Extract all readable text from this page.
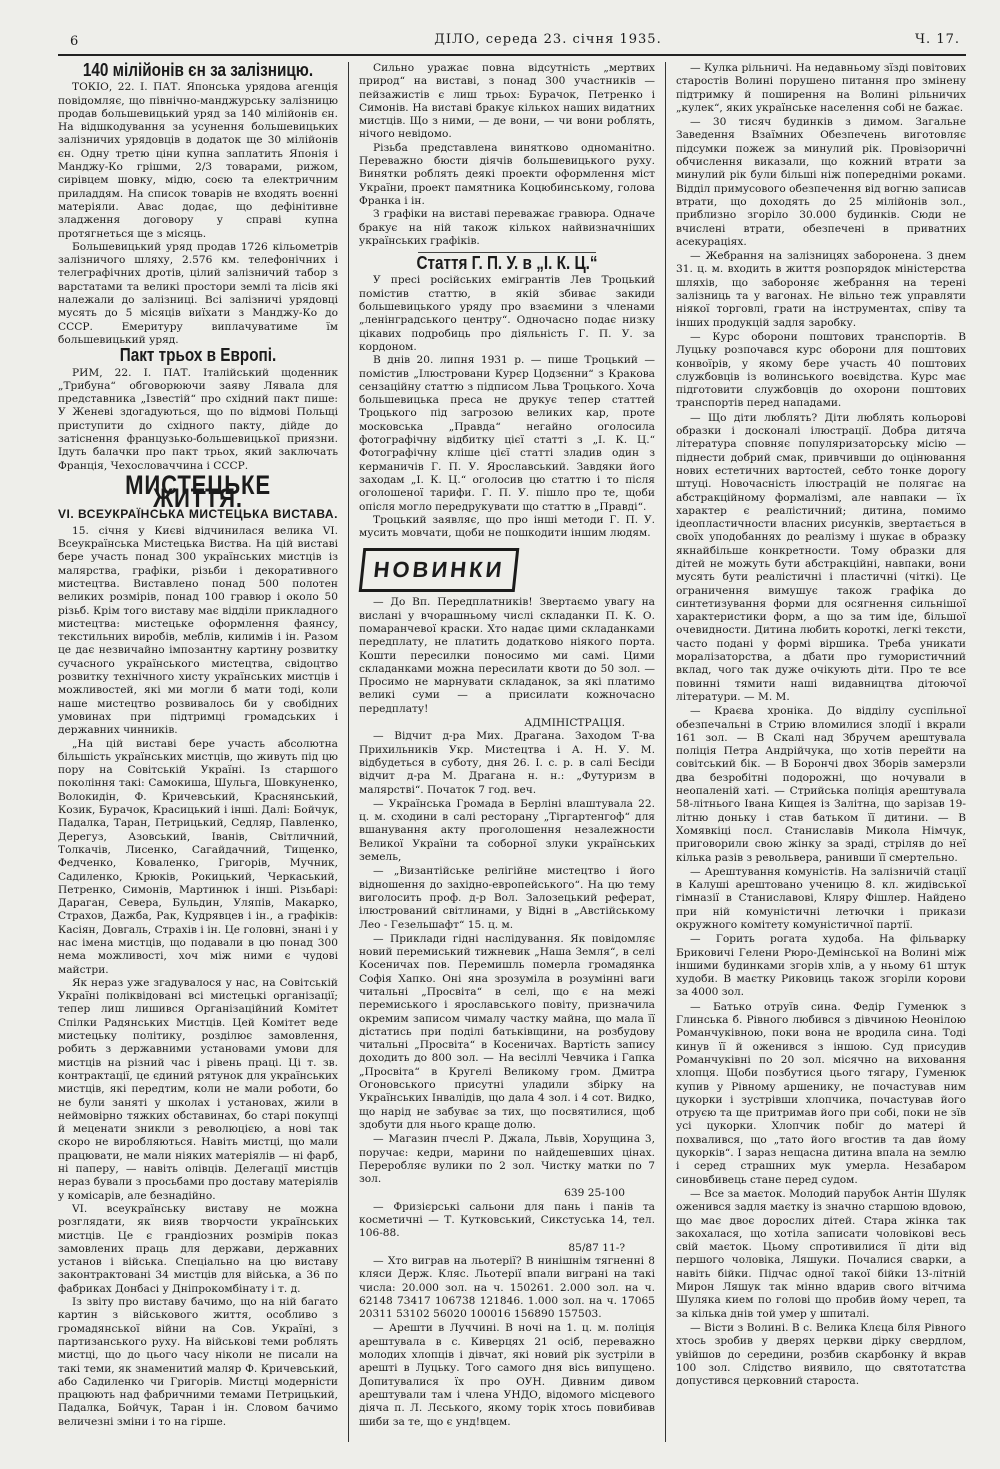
6	ДІЛО, середа 23. січня 1935.	Ч. 17.
140 мілійонів єн за залізницю.

ТОКІО, 22. І. ПАТ. Японська урядова агенція повідомляє, що північно-манджурську залізницю продав большевицький уряд за 140 мілійонів єн. На відшкодування за усунення большевицьких залізничих урядовців в додаток ще 30 мілійонів єн. Одну третю ціни купна заплатить Японія і Манджу-Ко грішми, 2/3 товарами, рижом, сирівцем шовку, мідю, соєю та електричним приладдям. На список товарів не входять воєнні матеріяли. Авас додає, що дефінітивне зладження договору у справі купна протягнеться ще з місяць.

Большевицький уряд продав 1726 кільометрів залізничого шляху, 2.576 км. телефонічних і телеграфічних дротів, цілий залізничий табор з варстатами та великі простори землі та лісів які належали до залізниці. Всі залізничі урядовці мусять до 5 місяців виїхати з Манджу-Ко до СССР. Емеритуру виплачуватиме їм большевицький уряд.

Пакт трьох в Европі.

РИМ, 22. І. ПАТ. Італійський щоденник „Трибуна“ обговорюючи заяву Лявала для представника „Ізвестій“ про східний пакт пише: У Женеві здогадуються, що по відмові Польщі приступити до східного пакту, дійде до затіснення французько-большевицької приязни. Ідуть балачки про пакт трьох, який заключать Франція, Чехословаччина і СССР.

МИСТЕЦЬКЕ ЖИТТЯ.
VI. ВСЕУКРАЇНСЬКА МИСТЕЦЬКА ВИСТАВА.

15. січня у Києві відчинилася велика VI. Всеукраїнська Мистецька Виства. На цій виставі бере участь понад 300 українських мистців із малярства, графіки, різьби і декоративного мистецтва. Виставлено понад 500 полотен великих розмірів, понад 100 гравюр і около 50 різьб. Крім того виставу має відділи прикладного мистецтва: мистецьке оформлення фаянсу, текстильних виробів, меблів, килимів і ін. Разом це дає незвичайно імпозантну картину розвитку сучасного українського мистецтва, свідоцтво розвитку технічного хисту українських мистців і можливостей, які ми могли б мати тоді, коли наше мистецтво розвивалось би у свобідних умовинах при підтримці громадських і державних чинників.

„На цій виставі бере участь абсолютна більшість українських мистців, що живуть під цю пору на Совітській Україні. Із старшого покоління такі: Самокиша, Шульга, Шовкуненко, Волокидін, Ф. Кричевський, Краснянський, Козик, Бурачок, Красицький і інші. Далі: Бойчук, Падалка, Таран, Петрицький, Седляр, Павленко, Дерегуз, Азовський, Іванів, Світличний, Толкачів, Лисенко, Сагайдачний, Тищенко, Федченко, Коваленко, Григорів, Мучник, Садиленко, Крюків, Рокицький, Черкаський, Петренко, Симонів, Мартинюк і інші. Різьбарі: Дараган, Севера, Бульдин, Уляпів, Макарко, Страхов, Дажба, Рак, Кудрявцев і ін., а графіків: Касіян, Довгаль, Страхів і ін. Це головні, знані і у нас імена мистців, що подавали в цю понад 300 нема можливості, хоч між ними є чудові майстри.

Як нераз уже згадувалося у нас, на Совітській Україні поліквідовані всі мистецькі організації; тепер лиш лишився Організаційний Комітет Спілки Радянських Мистців. Цей Комітет веде мистецьку політику, розділює замовлення, робить з державними установами умови для мистців на різний час і рівень праці. Ці т. зв. контрактації, це єдиний рятунок для українських мистців, які передтим, коли не мали роботи, бо не були заняті у школах і установах, жили в неймовірно тяжких обставинах, бо старі покупці й меценати зникли з революцією, а нові так скоро не виробляються. Навіть мистці, що мали працювати, не мали ніяких матеріялів — ні фарб, ні паперу, — навіть олівців. Делегації мистців нераз бували з просьбами про доставу матеріялів у комісарів, але безнадійно.

VI. всеукраїнську виставу не можна розглядати, як вияв творчости українських мистців. Це є грандіозних розмірів показ замовлених праць для держави, державних установ і війська. Спеціально на цю виставу законтрактовані 34 мистців для війська, а 36 по фабриках Донбасі у Дніпрокомбінату і т. д.

Із звіту про виставу бачимо, що на ній багато картин з військового життя, особливо з громадянської війни на Сов. Україні, з партизанського руху. На військові теми роблять мистці, що до цього часу ніколи не писали на такі теми, як знаменитий маляр Ф. Кричевський, або Садиленко чи Григорів. Мистці модерністи працюють над фабричними темами Петрицький, Падалка, Бойчук, Таран і ін. Словом бачимо величезні зміни і то на гірше.

Сильно уражає повна відсутність „мертвих природ“ на виставі, з понад 300 участників — пейзажистів є лиш трьох: Бурачок, Петренко і Симонів. На виставі бракує кількох наших видатних мистців. Що з ними, — де вони, — чи вони роблять, нічого невідомо.

Різьба представлена винятково одноманітно. Переважно бюсти діячів большевицького руху. Винятки роблять деякі проекти оформлення міст України, проект памятника Коцюбинському, голова Франка і ін.

З графіки на виставі переважає гравюра. Одначе бракує на ній також кількох найвизначніших українських графіків.

Стаття Г. П. У. в „І. К. Ц.“

У пресі російських емігрантів Лев Троцький помістив статтю, в якій збиває закиди большевицького уряду про взаємини з членами „ленінградського центру“. Одночасно подає низку цікавих подробиць про діяльність Г. П. У. за кордоном.

В днів 20. липня 1931 р. — пише Троцький — помістив „Ілюстровани Курєр Цодзєнни“ з Кракова сензаційну статтю з підписом Льва Троцького. Хоча большевицька преса не друкує тепер статтей Троцького під загрозою великих кар, проте московська „Правда“ негайно оголосила фотографічну відбитку цієї статті з „І. К. Ц.“ Фотографічну кліше цієї статті зладив один з керманичів Г. П. У. Ярославський. Завдяки його заходам „І. К. Ц.“ оголосив цю статтю і то після оголошеної тарифи. Г. П. У. пішло про те, щоби опісля могло передрукувати що статтю в „Правді“.

Троцький заявляє, що про інші методи Г. П. У. мусить мовчати, щоби не пошкодити іншим людям.

НОВИНКИ

— До Вп. Передплатників! Звертаємо увагу на вислані у вчорашньому числі складанки П. К. О. помаранчевої краски. Хто надає цими складанками передплату, не платить додатково ніякого порта. Кошти пересилки поносимо ми самі. Цими складанками можна пересилати квоти до 50 зол. — Просимо не марнувати складанок, за які платимо великі суми — а присилати кожночасно передплату!

АДМІНІСТРАЦІЯ.

— Відчит д-ра Мих. Драгана. Заходом Т-ва Прихильників Укр. Мистецтва і А. Н. У. М. відбудеться в суботу, дня 26. І. с. р. в салі Бесіди відчит д-ра М. Драгана н. н.: „Футуризм в малярстві“. Початок 7 год. веч.

— Українська Громада в Берліні влаштувала 22. ц. м. сходини в салі ресторану „Тіргартенгоф“ для вшанування акту проголошення незалежности Великої України та соборної злуки українських земель,

— „Византійське релігійне мистецтво і його відношення до західно-европейського“. На цю тему виголосить проф. д-р Вол. Залозецький реферат, ілюстрований світлинами, у Відні в „Австійському Лео - Гезельшафт“ 15. ц. м.

— Приклади гідні наслідування. Як повідомляє новий перемиський тижневик „Наша Земля“, в селі Косеничах пов. Перемишль померла громадянка Софія Хапко. Оні яна зрозуміла в розумінні ваги читальні „Просвіта“ в селі, що є на межі перемиського і ярославського повіту, призначила окремим записом чималу частку майна, що мала її дістатись при поділі батьківщини, на розбудову читальні „Просвіта“ в Косеничах. Вартість запису доходить до 800 зол. — На весіллі Чевчика і Гапка „Просвіта“ в Кругелі Великому гром. Дмитра Огоновського присутні уладили збірку на Українських Інвалідів, що дала 4 зол. і 4 сот. Видко, що нарід не забуває за тих, що посвятилися, щоб здобути для нього краще долю.

— Магазин пчеслі Р. Джала, Львів, Хорущина 3, поручає: кедри, марини по найдешевших цінах. Переробляє вулики по 2 зол. Чистку матки по 7 зол.

639 25-100

— Фризієрські сальони для пань і панів та косметичні — Т. Кутковський, Сикстуська 14, тел. 106-88.

85/87 11-?

— Хто виграв на льотерії? В нинішнім тягненні 8 кляси Держ. Кляс. Льотерії впали виграні на такі числа: 20.000 зол. на ч. 150261. 2.000 зол. на ч. 62148 73417 106738 121846. 1.000 зол. на ч. 17065 20311 53102 56020 100016 156890 157503.

— Арешти в Луччині. В ночі на 1. ц. м. поліція арештувала в с. Киверцях 21 осіб, переважно молодих хлопців і дівчат, які новий рік зустріли в арешті в Луцьку. Того самого дня вісь випущено. Допитувалися їх про ОУН. Дивним дивом арештували там і члена УНДО, відомого місцевого діяча п. Л. Лєського, якому торік хтось повибивав шиби за те, що є унд!вцем.

— Кулка рільничі. На недавньому зїзді повітових старостів Волині порушено питання про змінену підтримку й поширення на Волині рільничих „кулек“, яких українське населення собі не бажає.

— 30 тисяч будинків з димом. Загальне Заведення Взаїмних Обезпечень виготовляє підсумки пожеж за минулий рік. Провізоричні обчислення виказали, що кожний втрати за минулий рік були більші ніж попередніми роками. Відділ примусового обезпечення від вогню записав втрати, що доходять до 25 мілійонів зол., приблизно згоріло 30.000 будинків. Сюди не вчислені втрати, обезпечені в приватних асекураціях.

— Жебрання на залізницях заборонена. З днем 31. ц. м. входить в життя розпорядок міністерства шляхів, що забороняє жебрання на терені залізниць та у вагонах. Не вільно теж управляти ніякої торговлі, грати на інструментах, співу та інших продукцій задля заробку.

— Курс оборони поштових транспортів. В Луцьку розпочався курс оборони для поштових конвоїрів, у якому бере участь 40 поштових службовців із волинського воєвідства. Курс має підготовити службовців до охорони поштових транспортів перед нападами.

— Що діти люблять? Діти люблять кольорові образки і досконалі ілюстрації. Добра дитяча література сповняє популяризаторську місію — піднести добрий смак, привчивши до оцінювання нових естетичних вартостей, себто тонке дорогу штуці. Новочасність ілюстрацій не полягає на абстракційному формалізмі, але навпаки — їх характер є реалістичний; дитина, помимо ідеопластичности власних рисунків, звертається в своїх уподобаннях до реалізму і шукає в образку якнайбільше конкретности. Тому образки для дітей не можуть бути абстракційні, навпаки, вони мусять бути реалістичні і пластичні (чіткі). Це ограничення вимушує також графіка до синтетизування форми для осягнення сильнішої характеристики форм, а що за тим іде, більшої очевидности. Дитина любить короткі, легкі тексти, часто подані у формі віршика. Треба уникати моралізаторства, а дбати про гумористичний вклад, чого так дуже очікують діти. Про те все повинні тямити наші видавництва дітоючої літератури. — М. М.

— Краєва хроніка. До відділу суспільної обезпечальні в Стрию вломилися злодії і вкрали 161 зол. — В Скалі над Збручем арештувала поліція Петра Андрійчука, що хотів перейти на совітський бік. — В Борончі двох Зборів замерзли два безробітні подорожні, що ночували в неопаленій хаті. — Стрийська поліція арештувала 58-літнього Івана Кищея із Залітна, що зарізав 19-літню доньку і став батьком її дитини. — В Хомявкіці посл. Станиславів Микола Німчук, приговорили свою жінку за зраді, стріляв до неї кілька разів з револьвера, ранивши її смертельно.

— Арештування комуністів. На залізничій стації в Калуші арештовано ученицю 8. кл. жидівської гімназії в Станиславові, Кляру Фішлер. Найдено при ній комуністичні летючки і прикази окружного комітету комуністичної партії.

— Горить рогата худоба. На фільварку Бриковичі Гелени Рюро-Демінської на Волині між іншими будинками згорів хлів, а у ньому 61 штук худоби. В маєтку Риковиць також згоріли корови за 4000 зол.

— Батько отруїв сина. Федір Гуменюк з Глинська б. Рівного любився з дівчиною Неонілою Романчуківною, поки вона не вродила сина. Тоді кинув її й оженився з іншою. Суд присудив Романчуківні по 20 зол. місячно на виховання хлопця. Щоби позбутися цього тягару, Гуменюк купив у Рівному аршенику, не почастував ним цукорки і зустрівши хлопчика, почастував його отруєю та ще притримав його при собі, поки не зїв усі цукорки. Хлопчик побіг до матері й похвалився, що „тато його вгостив та дав йому цукорків“. І зараз нещасна дитина впала на землю і серед страшних мук умерла. Незабаром синовбивець стане перед судом.

— Все за маєток. Молодий парубок Антін Шуляк оженився задля маєтку із значно старшою вдовою, що має двоє дорослих дітей. Стара жінка так закохалася, що хотіла записати чоловікові весь свій маєток. Цьому спротивилися її діти від першого чоловіка, Ляшуки. Почалися сварки, а навіть бійки. Підчас одної такої бійки 13-літній Мирон Ляшук так мінно вдарив свого вітчима Шуляка кием по голові що пробив йому череп, та за кілька днів той умер у шпиталі.

— Вісти з Волині. В с. Велика Клєца біля Рівного хтось зробив у дверях церкви дірку свердлом, увійшов до середини, розбив скарбонку й вкрав 100 зол. Слідство виявило, що святотатства допустився церковний староста.
